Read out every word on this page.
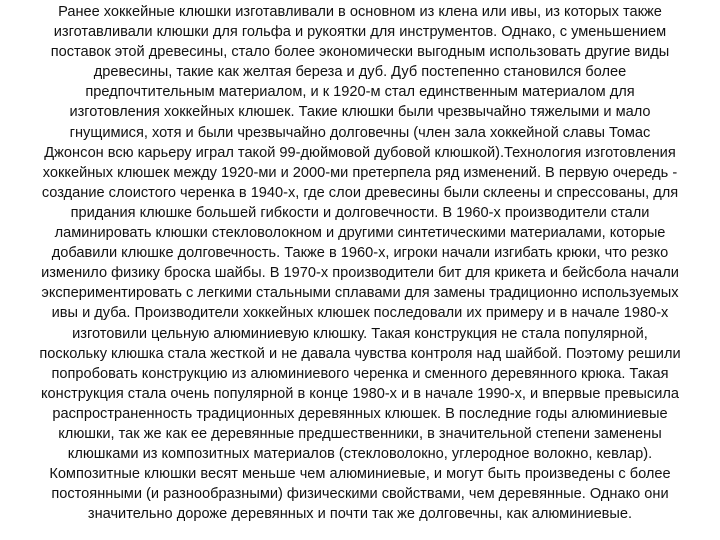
Ранее хоккейные клюшки изготавливали в основном из клена или ивы, из которых также
изготавливали клюшки для гольфа и рукоятки для инструментов. Однако, с уменьшением
поставок этой древесины, стало более экономически выгодным использовать другие виды
древесины, такие как желтая береза и дуб. Дуб постепенно становился более
предпочтительным материалом, и к 1920-м стал единственным материалом для
изготовления хоккейных клюшек. Такие клюшки были чрезвычайно тяжелыми и мало
гнущимися, хотя и были чрезвычайно долговечны (член зала хоккейной славы Томас
Джонсон всю карьеру играл такой 99-дюймовой дубовой клюшкой).Технология изготовления
хоккейных клюшек между 1920-ми и 2000-ми претерпела ряд изменений. В первую очередь -
создание слоистого черенка в 1940-х, где слои древесины были склеены и спрессованы, для
придания клюшке большей гибкости и долговечности. В 1960-х производители стали
ламинировать клюшки стекловолокном и другими синтетическими материалами, которые
добавили клюшке долговечность. Также в 1960-х, игроки начали изгибать крюки, что резко
изменило физику броска шайбы. В 1970-х производители бит для крикета и бейсбола начали
экспериментировать с легкими стальными сплавами для замены традиционно используемых
ивы и дуба. Производители хоккейных клюшек последовали их примеру и в начале 1980-х
изготовили цельную алюминиевую клюшку. Такая конструкция не стала популярной,
поскольку клюшка стала жесткой и не давала чувства контроля над шайбой. Поэтому решили
попробовать конструкцию из алюминиевого черенка и сменного деревянного крюка. Такая
конструкция стала очень популярной в конце 1980-х и в начале 1990-х, и впервые превысила
распространенность традиционных деревянных клюшек. В последние годы алюминиевые
клюшки, так же как ее деревянные предшественники, в значительной степени заменены
клюшками из композитных материалов (стекловолокно, углеродное волокно, кевлар).
Композитные клюшки весят меньше чем алюминиевые, и могут быть произведены с более
постоянными (и разнообразными) физическими свойствами, чем деревянные. Однако они
значительно дороже деревянных и почти так же долговечны, как алюминиевые.
